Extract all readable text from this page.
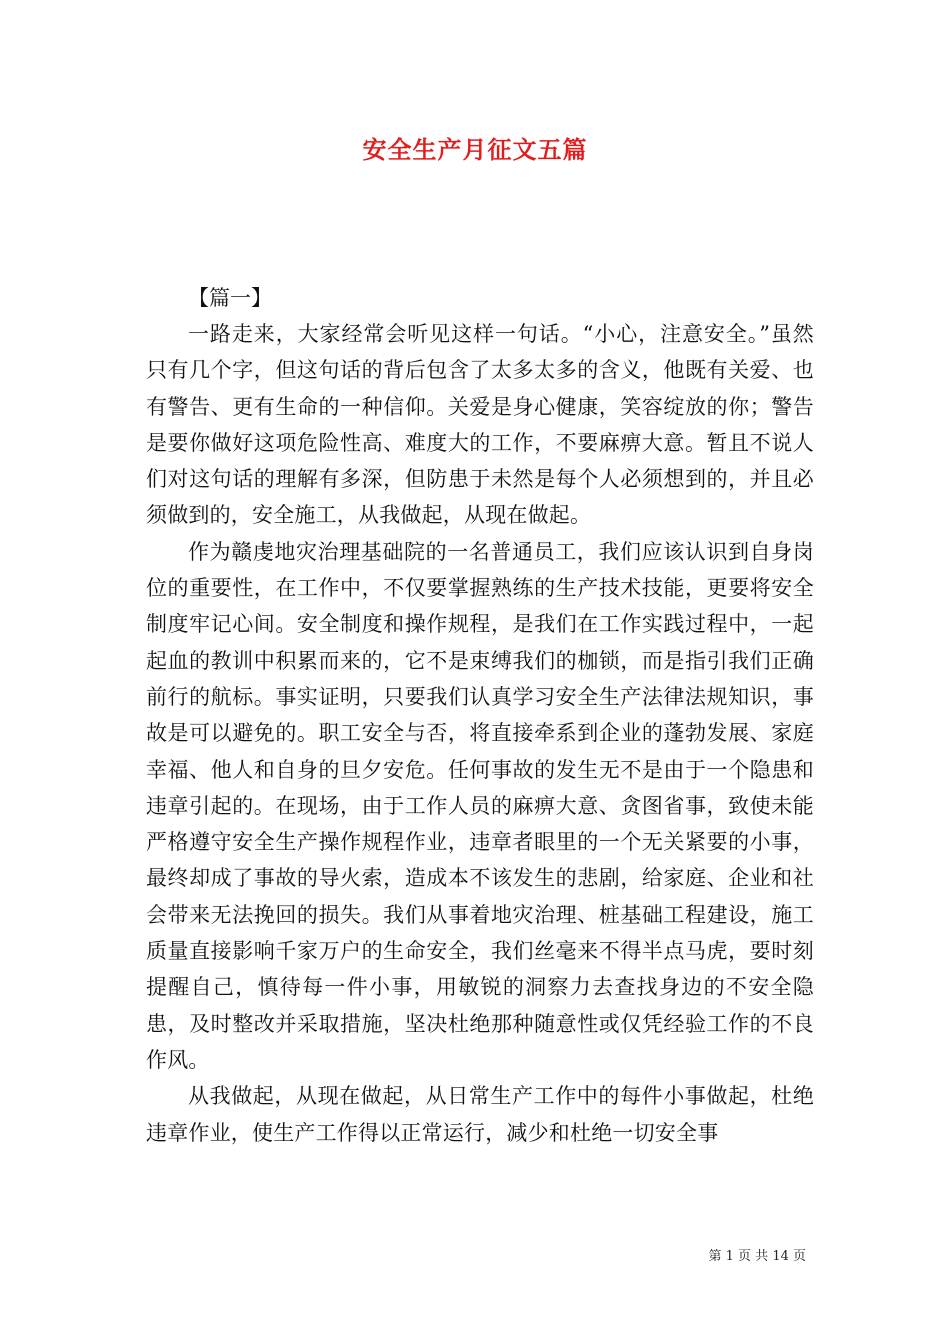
安全生产月征文五篇

【篇一】

一路走来，大家经常会听见这样一句话。“小心，注意安全。”虽然只有几个字，但这句话的背后包含了太多太多的含义，他既有关爱、也有警告、更有生命的一种信仰。关爱是身心健康，笑容绽放的你；警告是要你做好这项危险性高、难度大的工作，不要麻痹大意。暂且不说人们对这句话的理解有多深，但防患于未然是每个人必须想到的，并且必须做到的，安全施工，从我做起，从现在做起。

作为赣虔地灾治理基础院的一名普通员工，我们应该认识到自身岗位的重要性，在工作中，不仅要掌握熟练的生产技术技能，更要将安全制度牢记心间。安全制度和操作规程，是我们在工作实践过程中，一起起血的教训中积累而来的，它不是束缚我们的枷锁，而是指引我们正确前行的航标。事实证明，只要我们认真学习安全生产法律法规知识，事故是可以避免的。职工安全与否，将直接牵系到企业的蓬勃发展、家庭幸福、他人和自身的旦夕安危。任何事故的发生无不是由于一个隐患和违章引起的。在现场，由于工作人员的麻痹大意、贪图省事，致使未能严格遵守安全生产操作规程作业，违章者眼里的一个无关紧要的小事，最终却成了事故的导火索，造成本不该发生的悲剧，给家庭、企业和社会带来无法挽回的损失。我们从事着地灾治理、桩基础工程建设，施工质量直接影响千家万户的生命安全，我们丝毫来不得半点马虎，要时刻提醒自己，慎待每一件小事，用敏锐的洞察力去查找身边的不安全隐患，及时整改并采取措施，坚决杜绝那种随意性或仅凭经验工作的不良作风。

从我做起，从现在做起，从日常生产工作中的每件小事做起，杜绝违章作业，使生产工作得以正常运行，减少和杜绝一切安全事

第 1 页 共 14 页
